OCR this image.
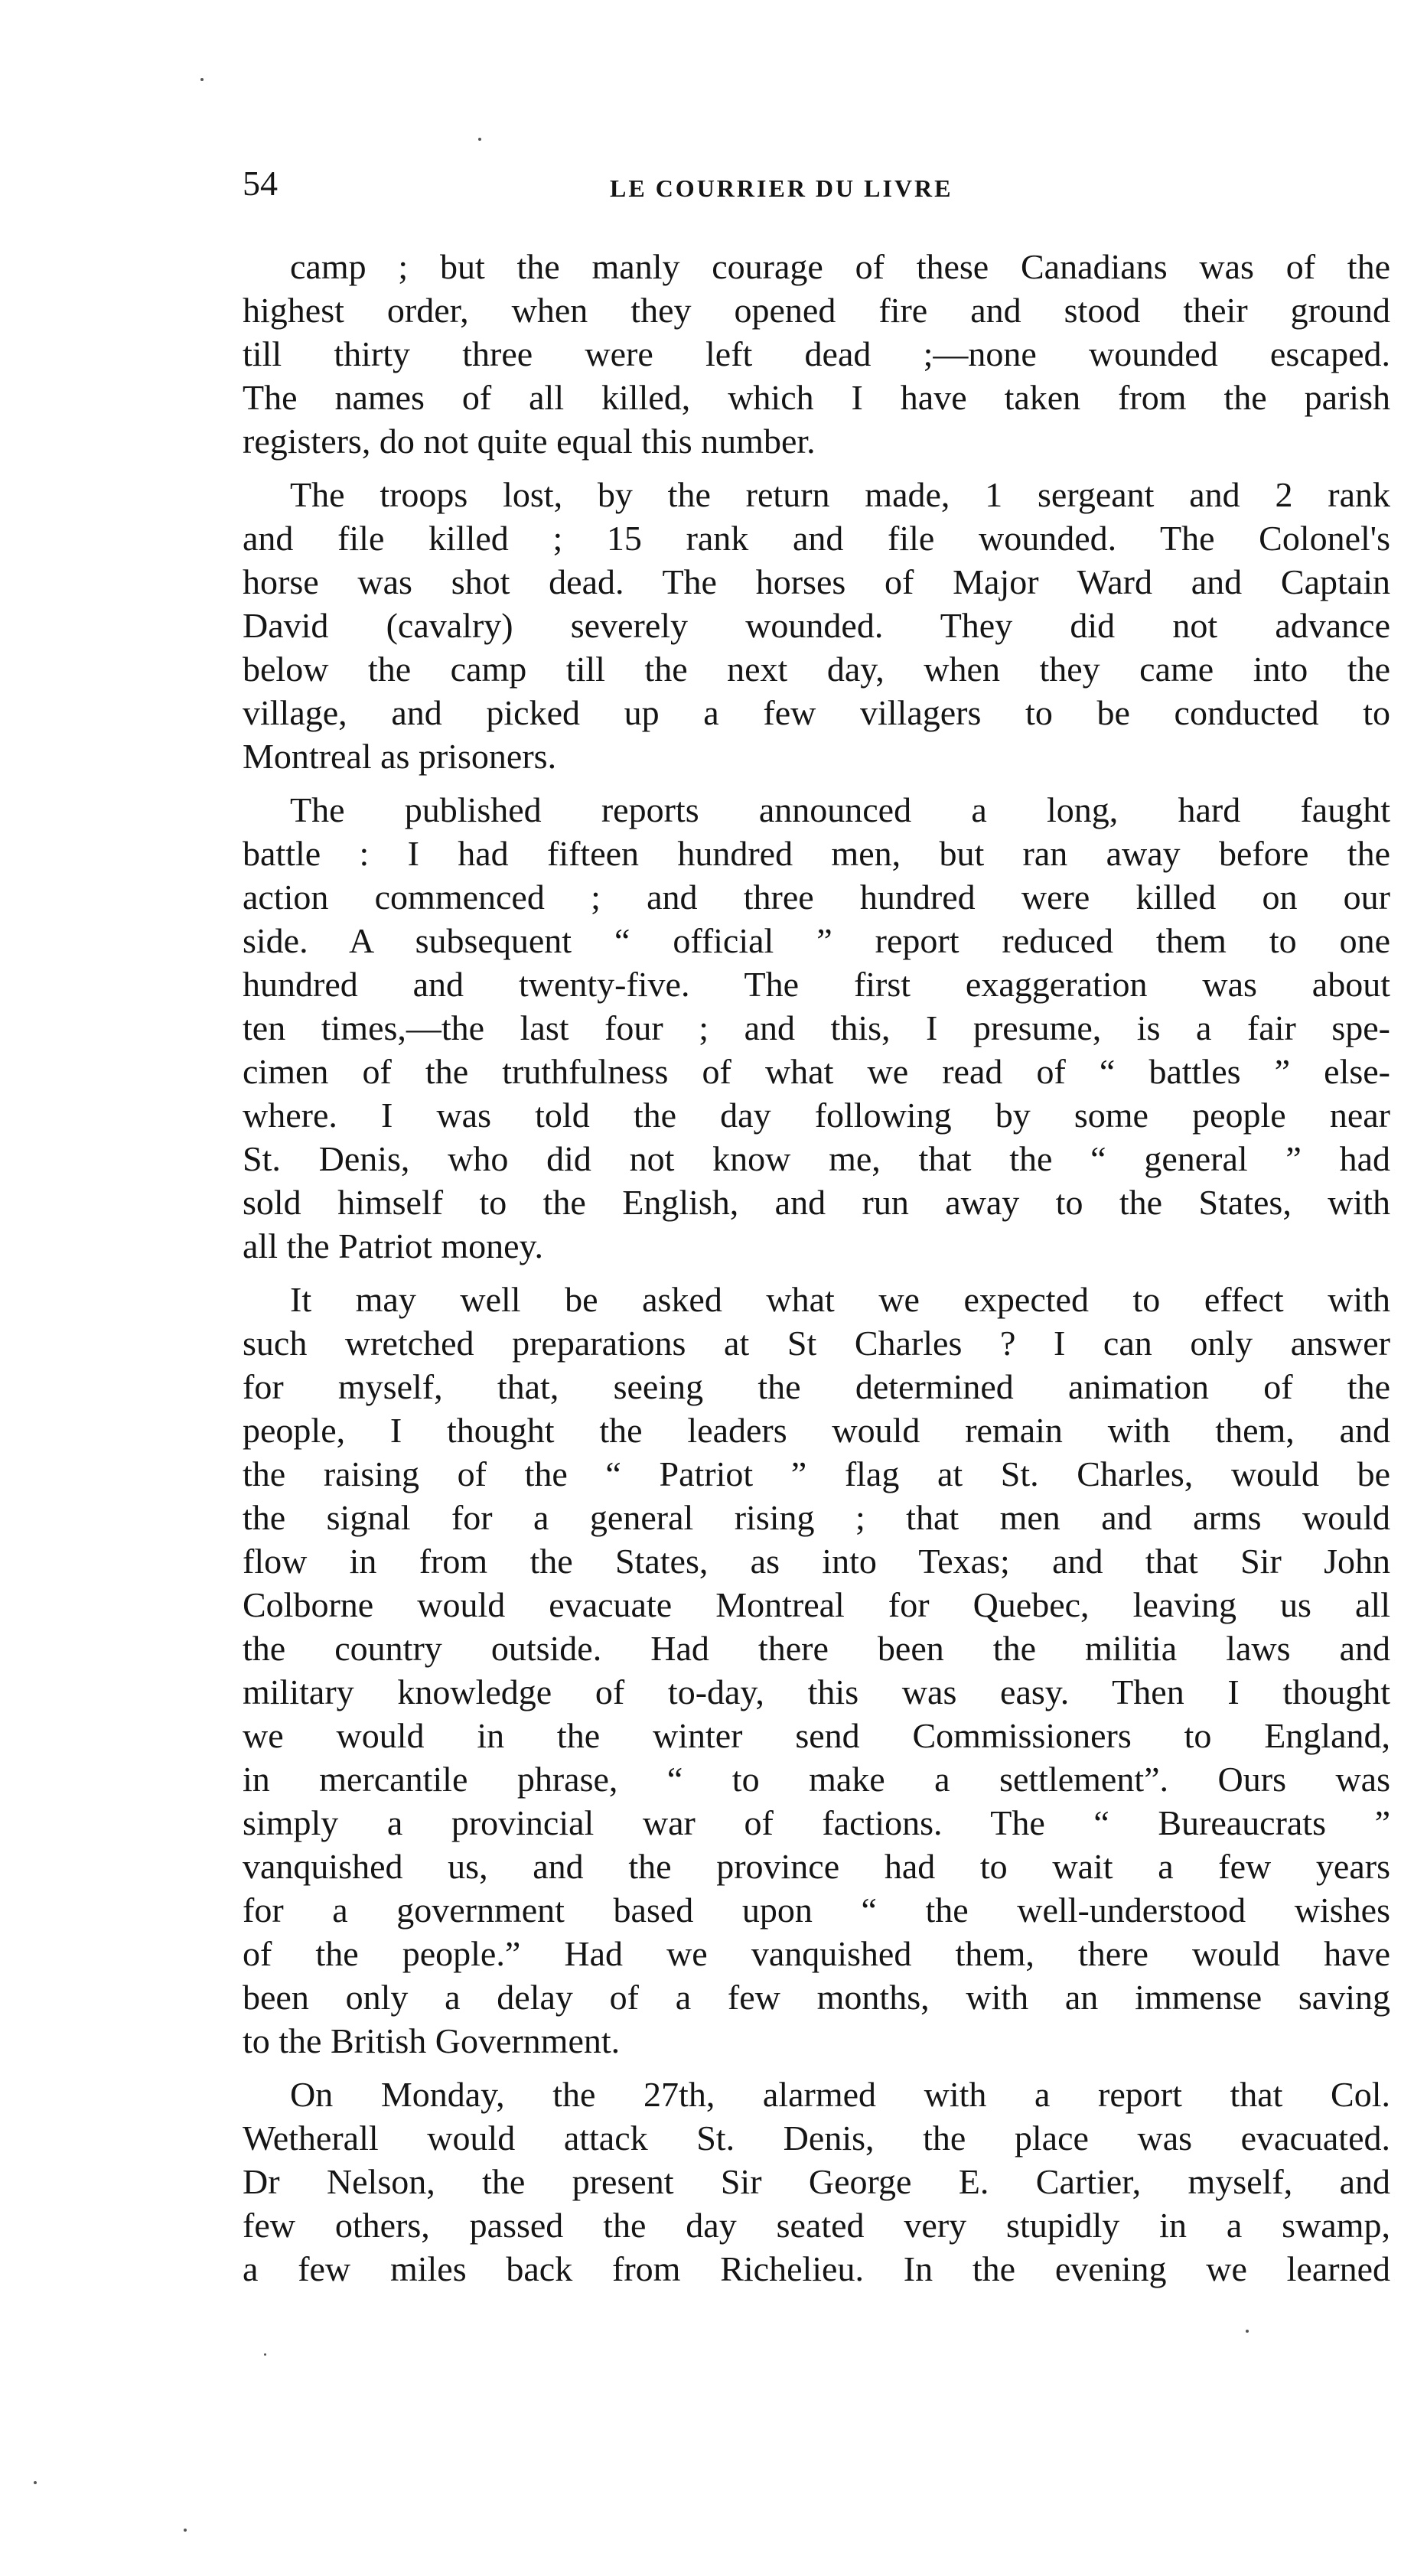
54	LE COURRIER DU LIVRE
camp ; but the manly courage of these Canadians was of the
highest order, when they opened fire and stood their ground
till thirty three were left dead ;—none wounded escaped.
The names of all killed, which I have taken from the parish
registers, do not quite equal this number.
The troops lost, by the return made, 1 sergeant and 2 rank
and file killed ; 15 rank and file wounded. The Colonel's
horse was shot dead. The horses of Major Ward and Captain
David (cavalry) severely wounded. They did not advance
below the camp till the next day, when they came into the
village, and picked up a few villagers to be conducted to
Montreal as prisoners.
The published reports announced a long, hard faught
battle : I had fifteen hundred men, but ran away before the
action commenced ; and three hundred were killed on our
side. A subsequent “ official ” report reduced them to one
hundred and twenty-five. The first exaggeration was about
ten times,—the last four ; and this, I presume, is a fair spe-
cimen of the truthfulness of what we read of “ battles ” else-
where. I was told the day following by some people near
St. Denis, who did not know me, that the “ general ” had
sold himself to the English, and run away to the States, with
all the Patriot money.
It may well be asked what we expected to effect with
such wretched preparations at St Charles ? I can only answer
for myself, that, seeing the determined animation of the
people, I thought the leaders would remain with them, and
the raising of the “ Patriot ” flag at St. Charles, would be
the signal for a general rising ; that men and arms would
flow in from the States, as into Texas; and that Sir John
Colborne would evacuate Montreal for Quebec, leaving us all
the country outside. Had there been the militia laws and
military knowledge of to-day, this was easy. Then I thought
we would in the winter send Commissioners to England,
in mercantile phrase, “ to make a settlement”. Ours was
simply a provincial war of factions. The “ Bureaucrats ”
vanquished us, and the province had to wait a few years
for a government based upon “ the well-understood wishes
of the people.” Had we vanquished them, there would have
been only a delay of a few months, with an immense saving
to the British Government.
On Monday, the 27th, alarmed with a report that Col.
Wetherall would attack St. Denis, the place was evacuated.
Dr Nelson, the present Sir George E. Cartier, myself, and
few others, passed the day seated very stupidly in a swamp,
a few miles back from Richelieu. In the evening we learned
